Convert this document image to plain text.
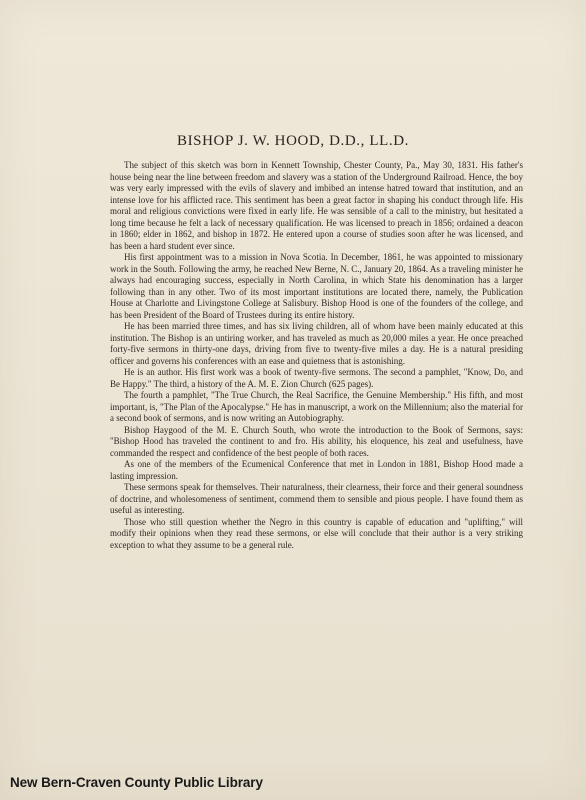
BISHOP J. W. HOOD, D.D., LL.D.

The subject of this sketch was born in Kennett Township, Chester County, Pa., May 30, 1831. His father's house being near the line between freedom and slavery was a station of the Underground Railroad. Hence, the boy was very early impressed with the evils of slavery and imbibed an intense hatred toward that institution, and an intense love for his afflicted race. This sentiment has been a great factor in shaping his conduct through life. His moral and religious convictions were fixed in early life. He was sensible of a call to the ministry, but hesitated a long time because he felt a lack of necessary qualification. He was licensed to preach in 1856; ordained a deacon in 1860; elder in 1862, and bishop in 1872. He entered upon a course of studies soon after he was licensed, and has been a hard student ever since.

His first appointment was to a mission in Nova Scotia. In December, 1861, he was appointed to missionary work in the South. Following the army, he reached New Berne, N. C., January 20, 1864. As a traveling minister he always had encouraging success, especially in North Carolina, in which State his denomination has a larger following than in any other. Two of its most important institutions are located there, namely, the Publication House at Charlotte and Livingstone College at Salisbury. Bishop Hood is one of the founders of the college, and has been President of the Board of Trustees during its entire history.

He has been married three times, and has six living children, all of whom have been mainly educated at this institution. The Bishop is an untiring worker, and has traveled as much as 20,000 miles a year. He once preached forty-five sermons in thirty-one days, driving from five to twenty-five miles a day. He is a natural presiding officer and governs his conferences with an ease and quietness that is astonishing.

He is an author. His first work was a book of twenty-five sermons. The second a pamphlet, "Know, Do, and Be Happy." The third, a history of the A. M. E. Zion Church (625 pages).

The fourth a pamphlet, "The True Church, the Real Sacrifice, the Genuine Membership." His fifth, and most important, is, "The Plan of the Apocalypse." He has in manuscript, a work on the Millennium; also the material for a second book of sermons, and is now writing an Autobiography.

Bishop Haygood of the M. E. Church South, who wrote the introduction to the Book of Sermons, says: "Bishop Hood has traveled the continent to and fro. His ability, his eloquence, his zeal and usefulness, have commanded the respect and confidence of the best people of both races.

As one of the members of the Ecumenical Conference that met in London in 1881, Bishop Hood made a lasting impression.

These sermons speak for themselves. Their naturalness, their clearness, their force and their general soundness of doctrine, and wholesomeness of sentiment, commend them to sensible and pious people. I have found them as useful as interesting.

Those who still question whether the Negro in this country is capable of education and "uplifting," will modify their opinions when they read these sermons, or else will conclude that their author is a very striking exception to what they assume to be a general rule.

New Bern-Craven County Public Library
